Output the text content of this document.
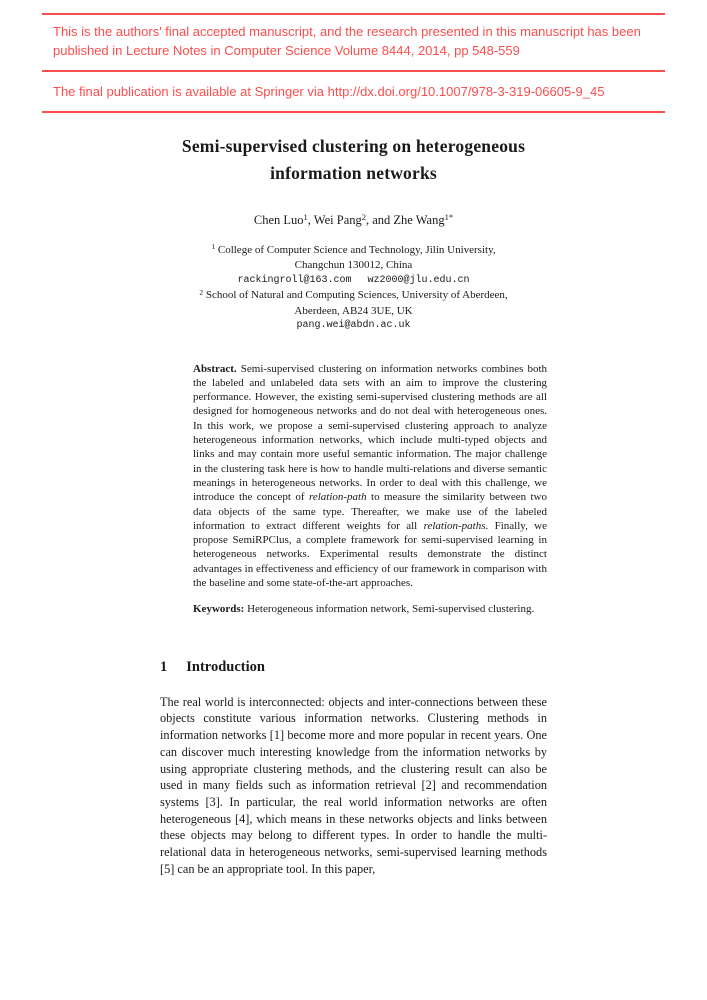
This is the authors' final accepted manuscript, and the research presented in this manuscript has been published in Lecture Notes in Computer Science Volume 8444, 2014, pp 548-559

The final publication is available at Springer via http://dx.doi.org/10.1007/978-3-319-06605-9_45

Semi-supervised clustering on heterogeneous
information networks

Chen Luo$^1$, Wei Pang$^2$, and Zhe Wang$^{1*}$

$^1$ College of Computer Science and Technology, Jilin University,
Changchun 130012, China
rackingroll@163.com wz2000@jlu.edu.cn
$^2$ School of Natural and Computing Sciences, University of Aberdeen,
Aberdeen, AB24 3UE, UK
pang.wei@abdn.ac.uk

Abstract. Semi-supervised clustering on information networks combines both the labeled and unlabeled data sets with an aim to improve the clustering performance. However, the existing semi-supervised clustering methods are all designed for homogeneous networks and do not deal with heterogeneous ones. In this work, we propose a semi-supervised clustering approach to analyze heterogeneous information networks, which include multi-typed objects and links and may contain more useful semantic information. The major challenge in the clustering task here is how to handle multi-relations and diverse semantic meanings in heterogeneous networks. In order to deal with this challenge, we introduce the concept of relation-path to measure the similarity between two data objects of the same type. Thereafter, we make use of the labeled information to extract different weights for all relation-paths. Finally, we propose SemiRPClus, a complete framework for semi-supervised learning in heterogeneous networks. Experimental results demonstrate the distinct advantages in effectiveness and efficiency of our framework in comparison with the baseline and some state-of-the-art approaches.

Keywords: Heterogeneous information network, Semi-supervised clustering.

1 Introduction

The real world is interconnected: objects and inter-connections between these objects constitute various information networks. Clustering methods in information networks [1] become more and more popular in recent years. One can discover much interesting knowledge from the information networks by using appropriate clustering methods, and the clustering result can also be used in many fields such as information retrieval [2] and recommendation systems [3]. In particular, the real world information networks are often heterogeneous [4], which means in these networks objects and links between these objects may belong to different types. In order to handle the multi-relational data in heterogeneous networks, semi-supervised learning methods [5] can be an appropriate tool. In this paper,
